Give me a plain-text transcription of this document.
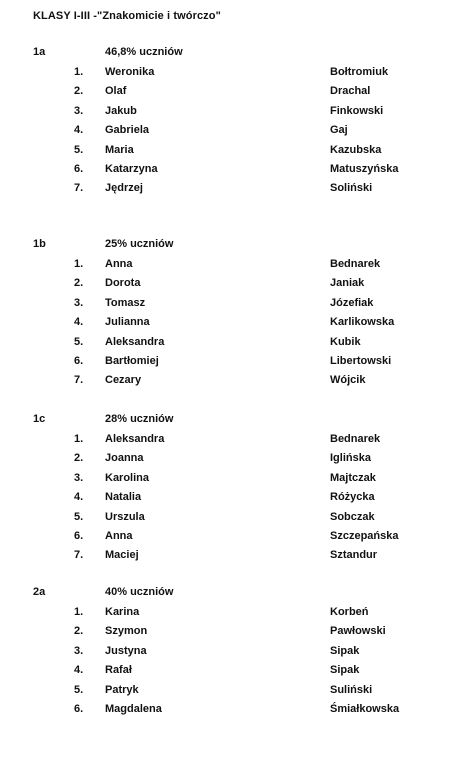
KLASY I-III -"Znakomicie i twórczo"
1a	46,8% uczniów
1. Weronika	Bołtromiuk
2. Olaf	Drachal
3. Jakub	Finkowski
4. Gabriela	Gaj
5. Maria	Kazubska
6. Katarzyna	Matuszyńska
7. Jędrzej	Soliński
1b	25% uczniów
1. Anna	Bednarek
2. Dorota	Janiak
3. Tomasz	Józefiak
4. Julianna	Karlikowska
5. Aleksandra	Kubik
6. Bartłomiej	Libertowski
7. Cezary	Wójcik
1c	28% uczniów
1. Aleksandra	Bednarek
2. Joanna	Iglińska
3. Karolina	Majtczak
4. Natalia	Różycka
5. Urszula	Sobczak
6. Anna	Szczepańska
7. Maciej	Sztandur
2a	40% uczniów
1. Karina	Korbeń
2. Szymon	Pawłowski
3. Justyna	Sipak
4. Rafał	Sipak
5. Patryk	Suliński
6. Magdalena	Śmiałkowska
